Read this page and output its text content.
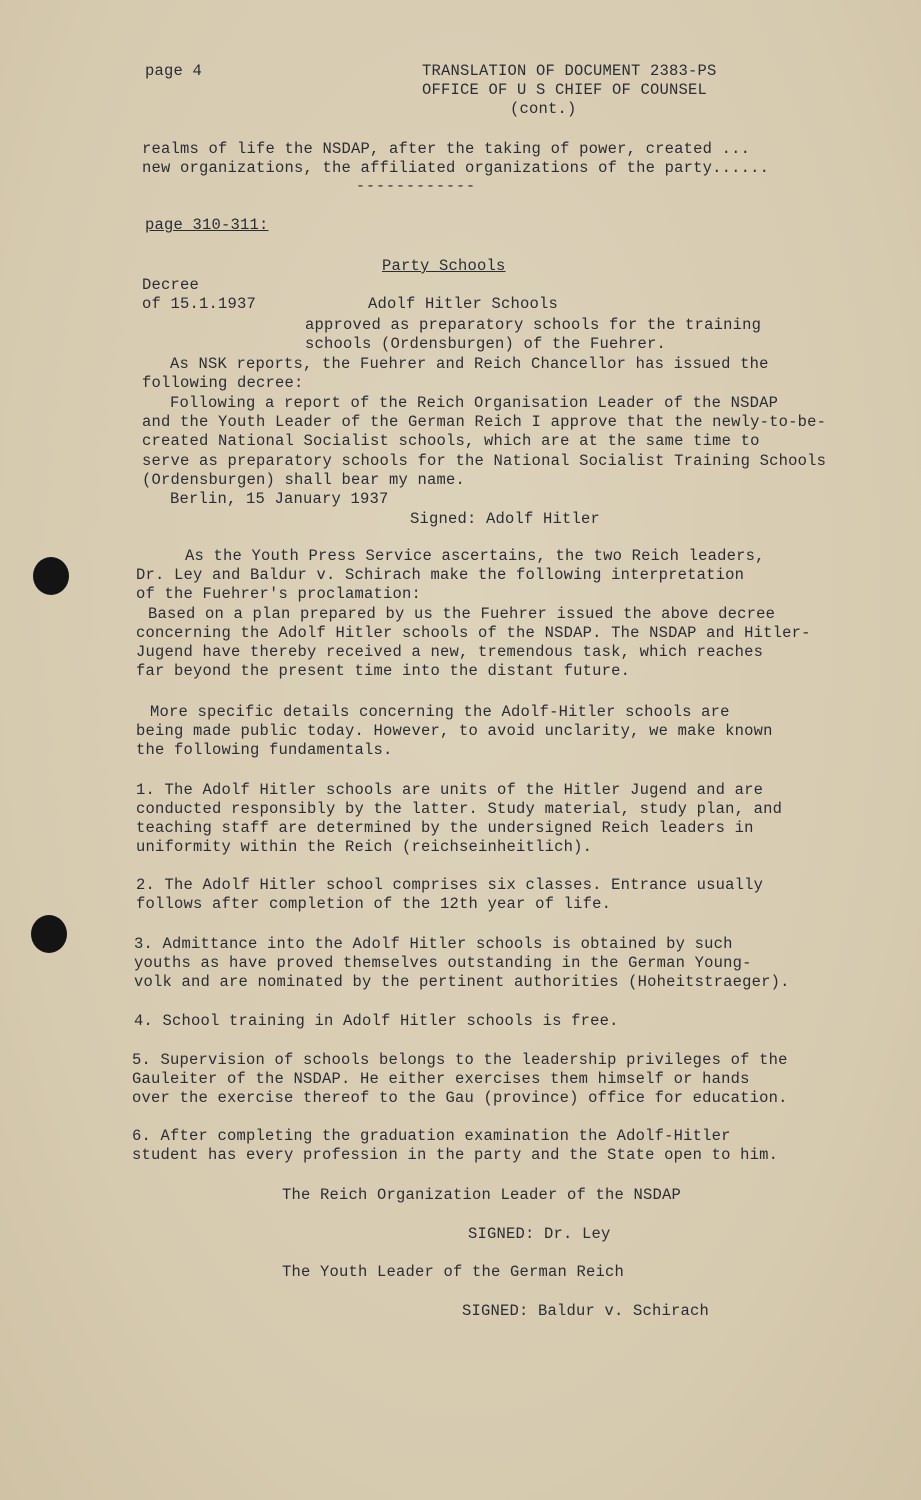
page 4	TRANSLATION OF DOCUMENT 2383-PS
OFFICE OF U S CHIEF OF COUNSEL
(cont.)
realms of life the NSDAP, after the taking of power, created ...
new organizations, the affiliated organizations of the party......
------------
page 310-311:
Party Schools
Decree
of 15.1.1937	Adolf Hitler Schools
approved as preparatory schools for the training
schools (Ordensburgen) of the Fuehrer.
As NSK reports, the Fuehrer and Reich Chancellor has issued the
following decree:
Following a report of the Reich Organisation Leader of the NSDAP
and the Youth Leader of the German Reich I approve that the newly-to-be-
created National Socialist schools, which are at the same time to
serve as preparatory schools for the National Socialist Training Schools
(Ordensburgen) shall bear my name.
Berlin, 15 January 1937
Signed: Adolf Hitler
As the Youth Press Service ascertains, the two Reich leaders,
Dr. Ley and Baldur v. Schirach make the following interpretation
of the Fuehrer's proclamation:
Based on a plan prepared by us the Fuehrer issued the above decree
concerning the Adolf Hitler schools of the NSDAP. The NSDAP and Hitler-
Jugend have thereby received a new, tremendous task, which reaches
far beyond the present time into the distant future.
More specific details concerning the Adolf-Hitler schools are
being made public today. However, to avoid unclarity, we make known
the following fundamentals.
1. The Adolf Hitler schools are units of the Hitler Jugend and are
conducted responsibly by the latter. Study material, study plan, and
teaching staff are determined by the undersigned Reich leaders in
uniformity within the Reich (reichseinheitlich).
2. The Adolf Hitler school comprises six classes. Entrance usually
follows after completion of the 12th year of life.
3. Admittance into the Adolf Hitler schools is obtained by such
youths as have proved themselves outstanding in the German Young-
volk and are nominated by the pertinent authorities (Hoheitstraeger).
4. School training in Adolf Hitler schools is free.
5. Supervision of schools belongs to the leadership privileges of the
Gauleiter of the NSDAP. He either exercises them himself or hands
over the exercise thereof to the Gau (province) office for education.
6. After completing the graduation examination the Adolf-Hitler
student has every profession in the party and the State open to him.
The Reich Organization Leader of the NSDAP
SIGNED: Dr. Ley
The Youth Leader of the German Reich
SIGNED: Baldur v. Schirach
